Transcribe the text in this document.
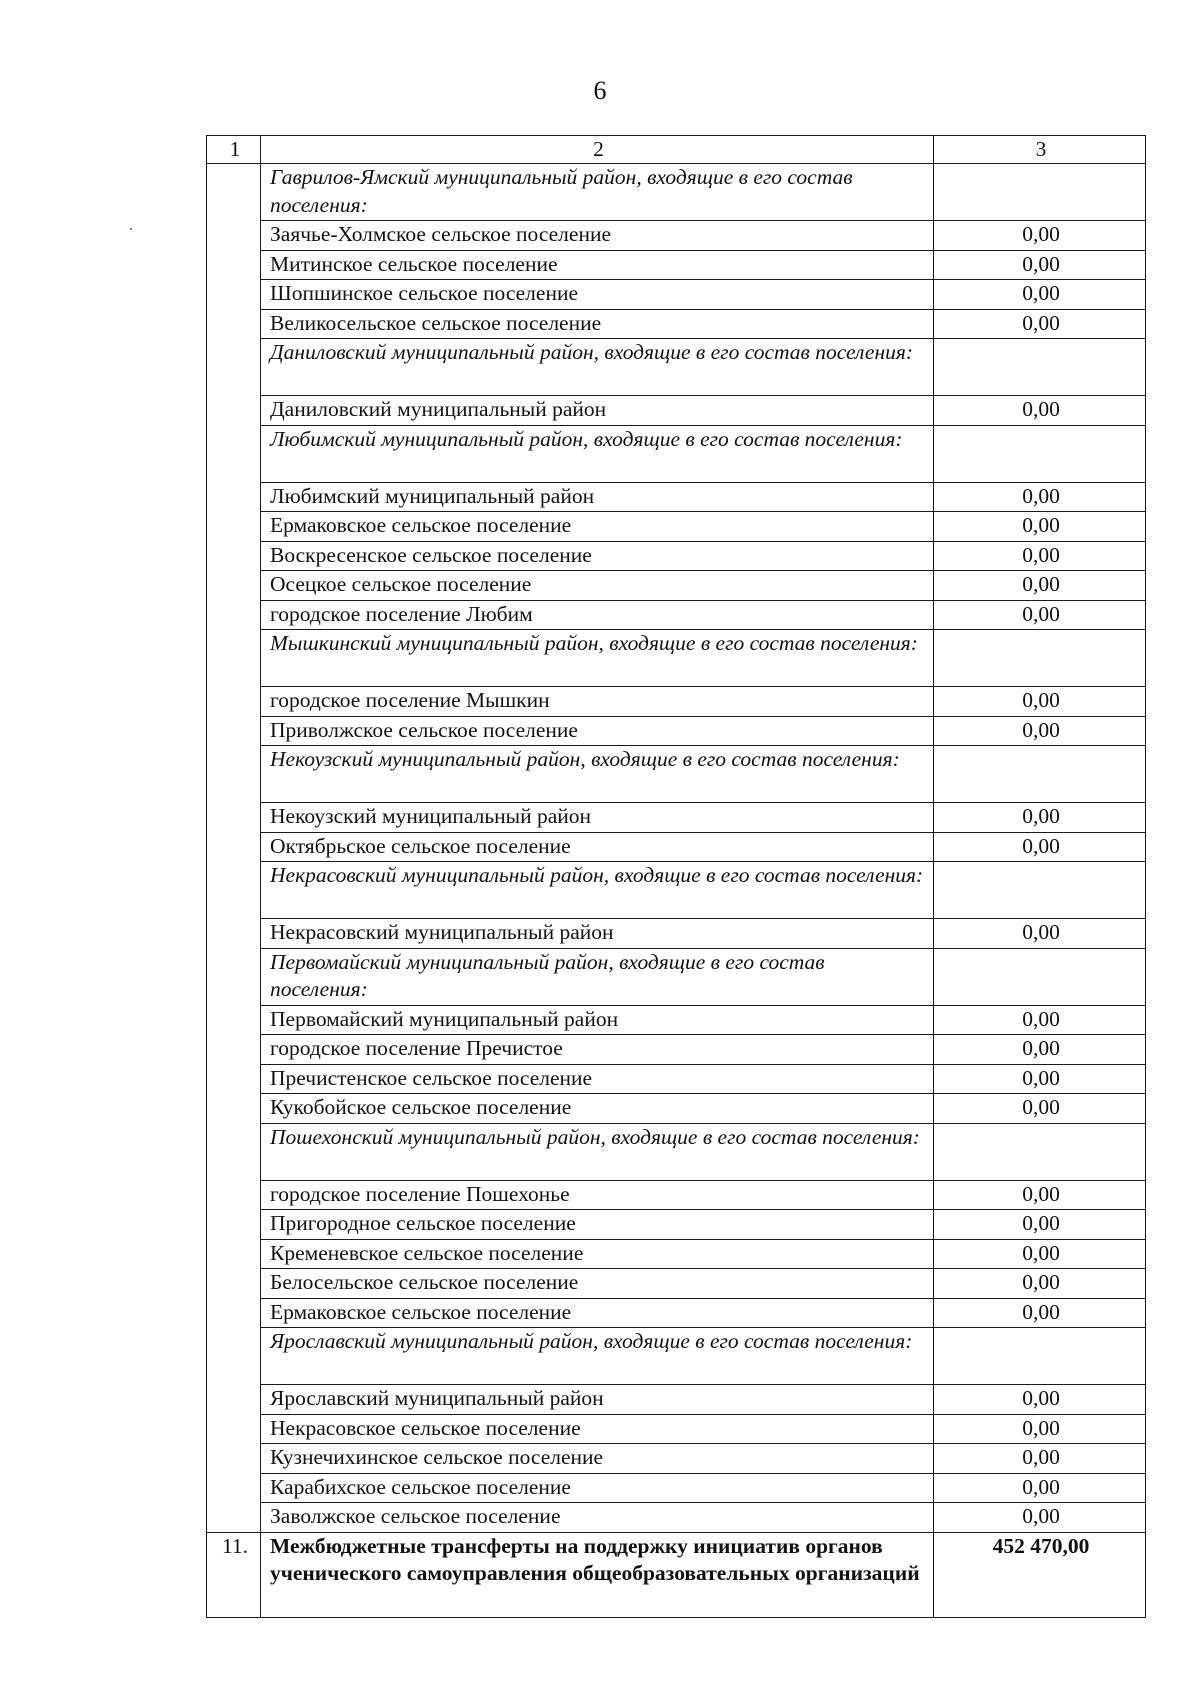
6
1	2	3
	Гаврилов-Ямский муниципальный район, входящие в его состав поселения:	
	Заячье-Холмское сельское поселение	0,00
	Митинское сельское поселение	0,00
	Шопшинское сельское поселение	0,00
	Великосельское сельское поселение	0,00
	Даниловский муниципальный район, входящие в его состав поселения:	
	Даниловский муниципальный район	0,00
	Любимский муниципальный район, входящие в его состав поселения:	
	Любимский муниципальный район	0,00
	Ермаковское сельское поселение	0,00
	Воскресенское сельское поселение	0,00
	Осецкое сельское поселение	0,00
	городское поселение Любим	0,00
	Мышкинский муниципальный район, входящие в его состав поселения:	
	городское поселение Мышкин	0,00
	Приволжское сельское поселение	0,00
	Некоузский муниципальный район, входящие в его состав поселения:	
	Некоузский муниципальный район	0,00
	Октябрьское сельское поселение	0,00
	Некрасовский муниципальный район, входящие в его состав поселения:	
	Некрасовский муниципальный район	0,00
	Первомайский муниципальный район, входящие в его состав поселения:	
	Первомайский муниципальный район	0,00
	городское поселение Пречистое	0,00
	Пречистенское сельское поселение	0,00
	Кукобойское сельское поселение	0,00
	Пошехонский муниципальный район, входящие в его состав поселения:	
	городское поселение Пошехонье	0,00
	Пригородное сельское поселение	0,00
	Кременевское сельское поселение	0,00
	Белосельское сельское поселение	0,00
	Ермаковское сельское поселение	0,00
	Ярославский муниципальный район, входящие в его состав поселения:	
	Ярославский муниципальный район	0,00
	Некрасовское сельское поселение	0,00
	Кузнечихинское сельское поселение	0,00
	Карабихское сельское поселение	0,00
	Заволжское сельское поселение	0,00
11.	Межбюджетные трансферты на поддержку инициатив органов ученического самоуправления общеобразовательных организаций	452 470,00
